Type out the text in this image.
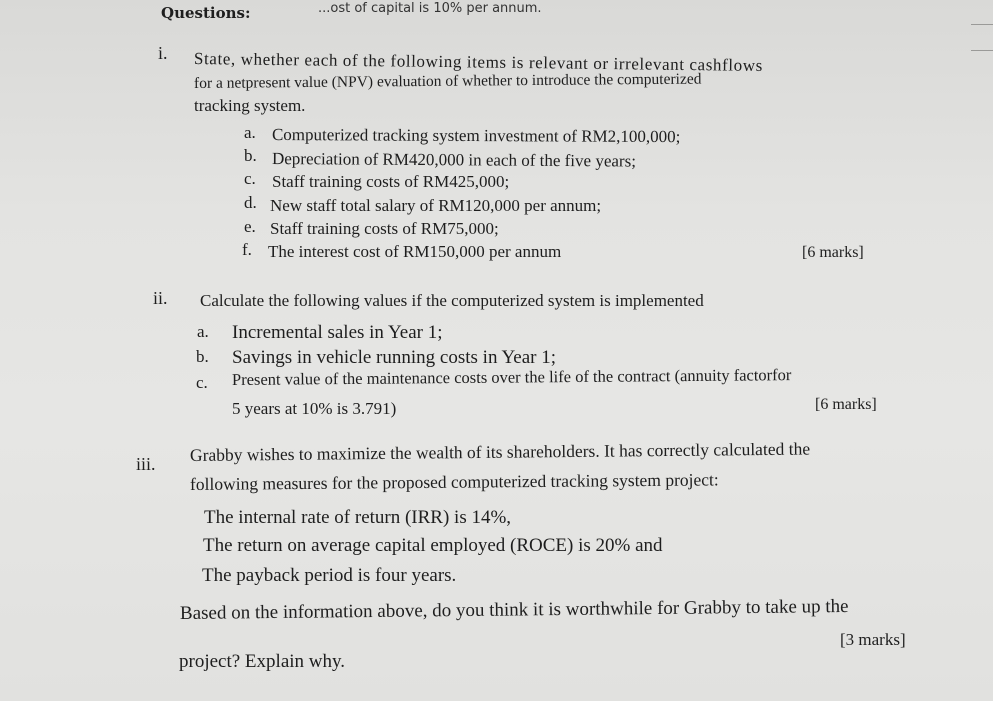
Questions:	...ost of capital is 10% per annum.
i. State, whether each of the following items is relevant or irrelevant cashflows
for a netpresent value (NPV) evaluation of whether to introduce the computerized
tracking system.
a. Computerized tracking system investment of RM2,100,000;
b. Depreciation of RM420,000 in each of the five years;
c. Staff training costs of RM425,000;
d. New staff total salary of RM120,000 per annum;
e. Staff training costs of RM75,000;
f. The interest cost of RM150,000 per annum	[6 marks]
ii. Calculate the following values if the computerized system is implemented
a. Incremental sales in Year 1;
b. Savings in vehicle running costs in Year 1;
c. Present value of the maintenance costs over the life of the contract (annuity factorfor
5 years at 10% is 3.791)	[6 marks]
iii. Grabby wishes to maximize the wealth of its shareholders. It has correctly calculated the
following measures for the proposed computerized tracking system project:
The internal rate of return (IRR) is 14%,
The return on average capital employed (ROCE) is 20% and
The payback period is four years.
Based on the information above, do you think it is worthwhile for Grabby to take up the
project? Explain why.
[3 marks]
